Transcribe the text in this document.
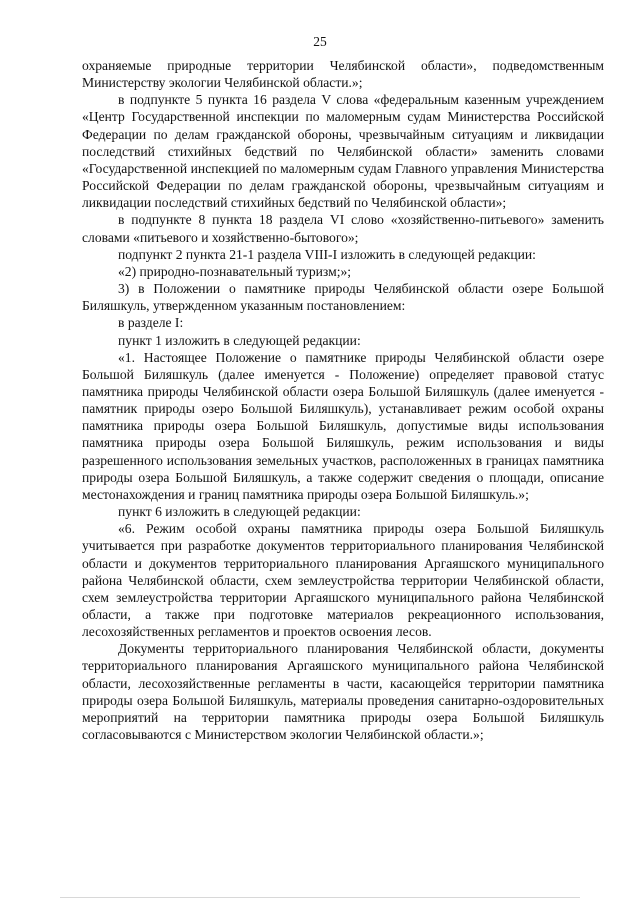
25

охраняемые природные территории Челябинской области», подведомственным Министерству экологии Челябинской области.»;

в подпункте 5 пункта 16 раздела V слова «федеральным казенным учреждением «Центр Государственной инспекции по маломерным судам Министерства Российской Федерации по делам гражданской обороны, чрезвычайным ситуациям и ликвидации последствий стихийных бедствий по Челябинской области» заменить словами «Государственной инспекцией по маломерным судам Главного управления Министерства Российской Федерации по делам гражданской обороны, чрезвычайным ситуациям и ликвидации последствий стихийных бедствий по Челябинской области»;

в подпункте 8 пункта 18 раздела VI слово «хозяйственно-питьевого» заменить словами «питьевого и хозяйственно-бытового»;

подпункт 2 пункта 21-1 раздела VIII-I изложить в следующей редакции:

«2) природно-познавательный туризм;»;

3) в Положении о памятнике природы Челябинской области озере Большой Биляшкуль, утвержденном указанным постановлением:

в разделе I:

пункт 1 изложить в следующей редакции:

«1. Настоящее Положение о памятнике природы Челябинской области озере Большой Биляшкуль (далее именуется - Положение) определяет правовой статус памятника природы Челябинской области озера Большой Биляшкуль (далее именуется - памятник природы озеро Большой Биляшкуль), устанавливает режим особой охраны памятника природы озера Большой Биляшкуль, допустимые виды использования памятника природы озера Большой Биляшкуль, режим использования и виды разрешенного использования земельных участков, расположенных в границах памятника природы озера Большой Биляшкуль, а также содержит сведения о площади, описание местонахождения и границ памятника природы озера Большой Биляшкуль.»;

пункт 6 изложить в следующей редакции:

«6. Режим особой охраны памятника природы озера Большой Биляшкуль учитывается при разработке документов территориального планирования Челябинской области и документов территориального планирования Аргаяшского муниципального района Челябинской области, схем землеустройства территории Челябинской области, схем землеустройства территории Аргаяшского муниципального района Челябинской области, а также при подготовке материалов рекреационного использования, лесохозяйственных регламентов и проектов освоения лесов.

Документы территориального планирования Челябинской области, документы территориального планирования Аргаяшского муниципального района Челябинской области, лесохозяйственные регламенты в части, касающейся территории памятника природы озера Большой Биляшкуль, материалы проведения санитарно-оздоровительных мероприятий на территории памятника природы озера Большой Биляшкуль согласовываются с Министерством экологии Челябинской области.»;
